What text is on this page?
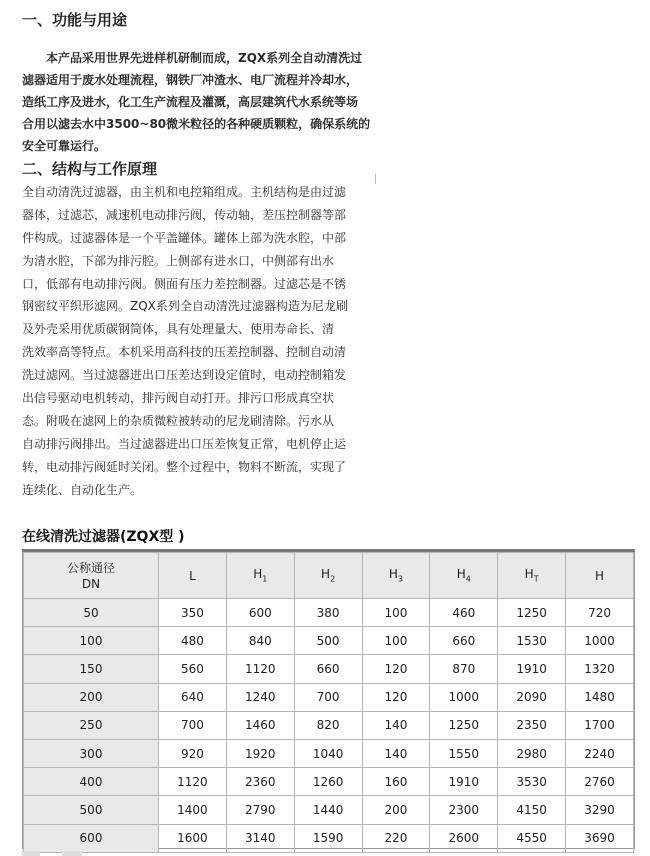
一、功能与用途
　　本产品采用世界先进样机研制而成，ZQX系列全自动清洗过
滤器适用于废水处理流程，钢铁厂冲渣水、电厂流程并冷却水，
造纸工序及进水，化工生产流程及灌溉，高层建筑代水系统等场
合用以滤去水中3500~80微米粒径的各种硬质颗粒，确保系统的
安全可靠运行。
二、结构与工作原理
全自动清洗过滤器，由主机和电控箱组成。主机结构是由过滤
器体，过滤芯，减速机电动排污阀，传动轴，差压控制器等部
件构成。过滤器体是一个平盖罐体。罐体上部为洗水腔，中部
为清水腔，下部为排污腔。上侧部有进水口，中侧部有出水
口，低部有电动排污阀。侧面有压力差控制器。过滤芯是不锈
钢密纹平织形滤网。ZQX系列全自动清洗过滤器构造为尼龙刷
及外壳采用优质碳钢筒体，具有处理量大、使用寿命长、清
洗效率高等特点。本机采用高科技的压差控制器、控制自动清
洗过滤网。当过滤器进出口压差达到设定值时，电动控制箱发
出信号驱动电机转动，排污阀自动打开。排污口形成真空状
态。附吸在滤网上的杂质微粒被转动的尼龙刷清除。污水从
自动排污阀排出。当过滤器进出口压差恢复正常，电机停止运
转，电动排污阀延时关闭。整个过程中，物料不断流，实现了
连续化、自动化生产。
在线清洗过滤器(ZQX型 )
公称通径
DN	L	$H_1$	$H_2$	$H_3$	$H_4$	$H_T$	H
50	350	600	380	100	460	1250	720
100	480	840	500	100	660	1530	1000
150	560	1120	660	120	870	1910	1320
200	640	1240	700	120	1000	2090	1480
250	700	1460	820	140	1250	2350	1700
300	920	1920	1040	140	1550	2980	2240
400	1120	2360	1260	160	1910	3530	2760
500	1400	2790	1440	200	2300	4150	3290
600	1600	3140	1590	220	2600	4550	3690
